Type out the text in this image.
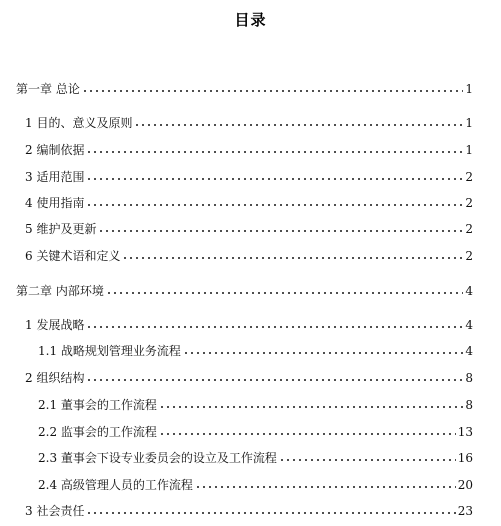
目录
第一章 总论	1
1 目的、意义及原则	1
2 编制依据	1
3 适用范围	2
4 使用指南	2
5 维护及更新	2
6 关键术语和定义	2
第二章 内部环境	4
1 发展战略	4
1.1 战略规划管理业务流程	4
2 组织结构	8
2.1 董事会的工作流程	8
2.2 监事会的工作流程	13
2.3 董事会下设专业委员会的设立及工作流程	16
2.4 高级管理人员的工作流程	20
3 社会责任	23
